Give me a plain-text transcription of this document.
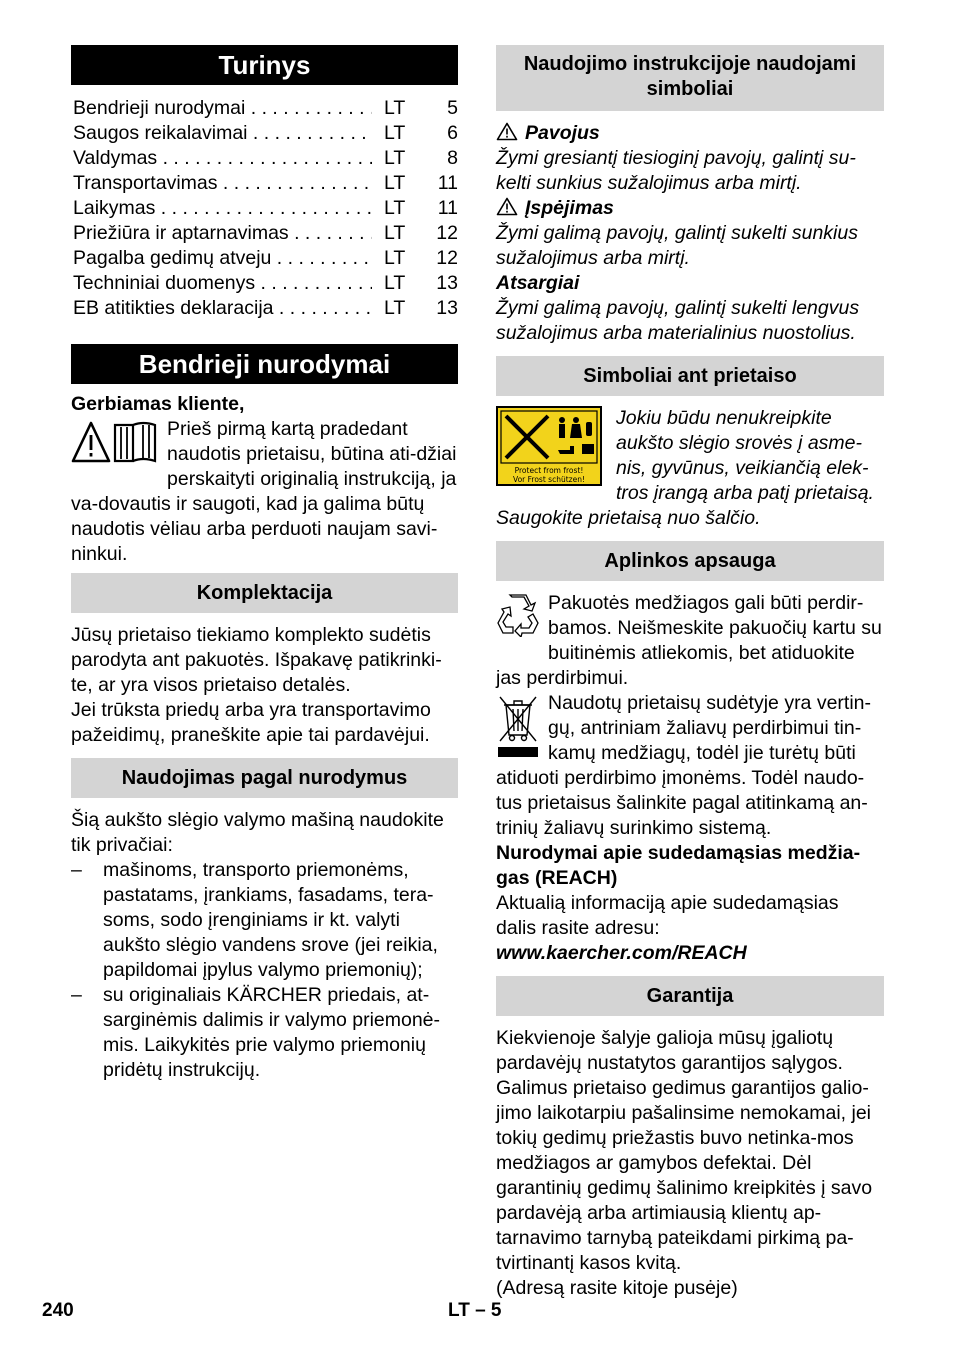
Turinys
Bendrieji nurodymai . . .	LT	5
Saugos reikalavimai . . .	LT	6
Valdymas . . .	LT	8
Transportavimas . . .	LT	11
Laikymas . . .	LT	11
Priežiūra ir aptarnavimas . . .	LT	12
Pagalba gedimų atveju . . .	LT	12
Techniniai duomenys . . .	LT	13
EB atitikties deklaracija . . .	LT	13
Bendrieji nurodymai

Gerbiamas kliente,

Prieš pirmą kartą pradedant naudotis prietaisu, būtina ati-džiai perskaityti originalią instrukciją, ja va-dovautis ir saugoti, kad ja galima būtų naudotis vėliau arba perduoti naujam savi-ninkui.

Komplektacija

Jūsų prietaiso tiekiamo komplekto sudėtis parodyta ant pakuotės. Išpakavę patikrinki-te, ar yra visos prietaiso detalės.

Jei trūksta priedų arba yra transportavimo pažeidimų, praneškite apie tai pardavėjui.

Naudojimas pagal nurodymus

Šią aukšto slėgio valymo mašiną naudokite tik privačiai:

–	mašinoms, transporto priemonėms, pastatams, įrankiams, fasadams, tera-soms, sodo įrenginiams ir kt. valyti aukšto slėgio vandens srove (jei reikia, papildomai įpylus valymo priemonių);
–	su originaliais KÄRCHER priedais, at-sarginėmis dalimis ir valymo priemonė-mis. Laikykitės prie valymo priemonių pridėtų instrukcijų.
Naudojimo instrukcijoje naudojami simboliai

Pavojus

Žymi gresiantį tiesioginį pavojų, galintį su-kelti sunkius sužalojimus arba mirtį.

Įspėjimas

Žymi galimą pavojų, galintį sukelti sunkius sužalojimus arba mirtį.

Atsargiai

Žymi galimą pavojų, galintį sukelti lengvus sužalojimus arba materialinius nuostolius.

Simboliai ant prietaiso
Protect from frost!
Vor Frost schützen!

Jokiu būdu nenukreipkite aukšto slėgio srovės į asme-nis, gyvūnus, veikiančią elek-tros įrangą arba patį prietaisą. Saugokite prietaisą nuo šalčio.

Aplinkos apsauga

Pakuotės medžiagos gali būti perdir-bamos. Neišmeskite pakuočių kartu su buitinėmis atliekomis, bet atiduokite jas perdirbimui.

Naudotų prietaisų sudėtyje yra vertin-gų, antriniam žaliavų perdirbimui tin-kamų medžiagų, todėl jie turėtų būti atiduoti perdirbimo įmonėms. Todėl naudo-tus prietaisus šalinkite pagal atitinkamą an-trinių žaliavų surinkimo sistemą.

Nurodymai apie sudedamąsias medžia-gas (REACH)

Aktualią informaciją apie sudedamąsias dalis rasite adresu:

www.kaercher.com/REACH

Garantija

Kiekvienoje šalyje galioja mūsų įgaliotų pardavėjų nustatytos garantijos sąlygos. Galimus prietaiso gedimus garantijos galio-jimo laikotarpiu pašalinsime nemokamai, jei tokių gedimų priežastis buvo netinka-mos medžiagos ar gamybos defektai. Dėl garantinių gedimų šalinimo kreipkitės į savo pardavėją arba artimiausią klientų ap-tarnavimo tarnybą pateikdami pirkimą pa-tvirtinantį kasos kvitą.

(Adresą rasite kitoje pusėje)

240	LT – 5
